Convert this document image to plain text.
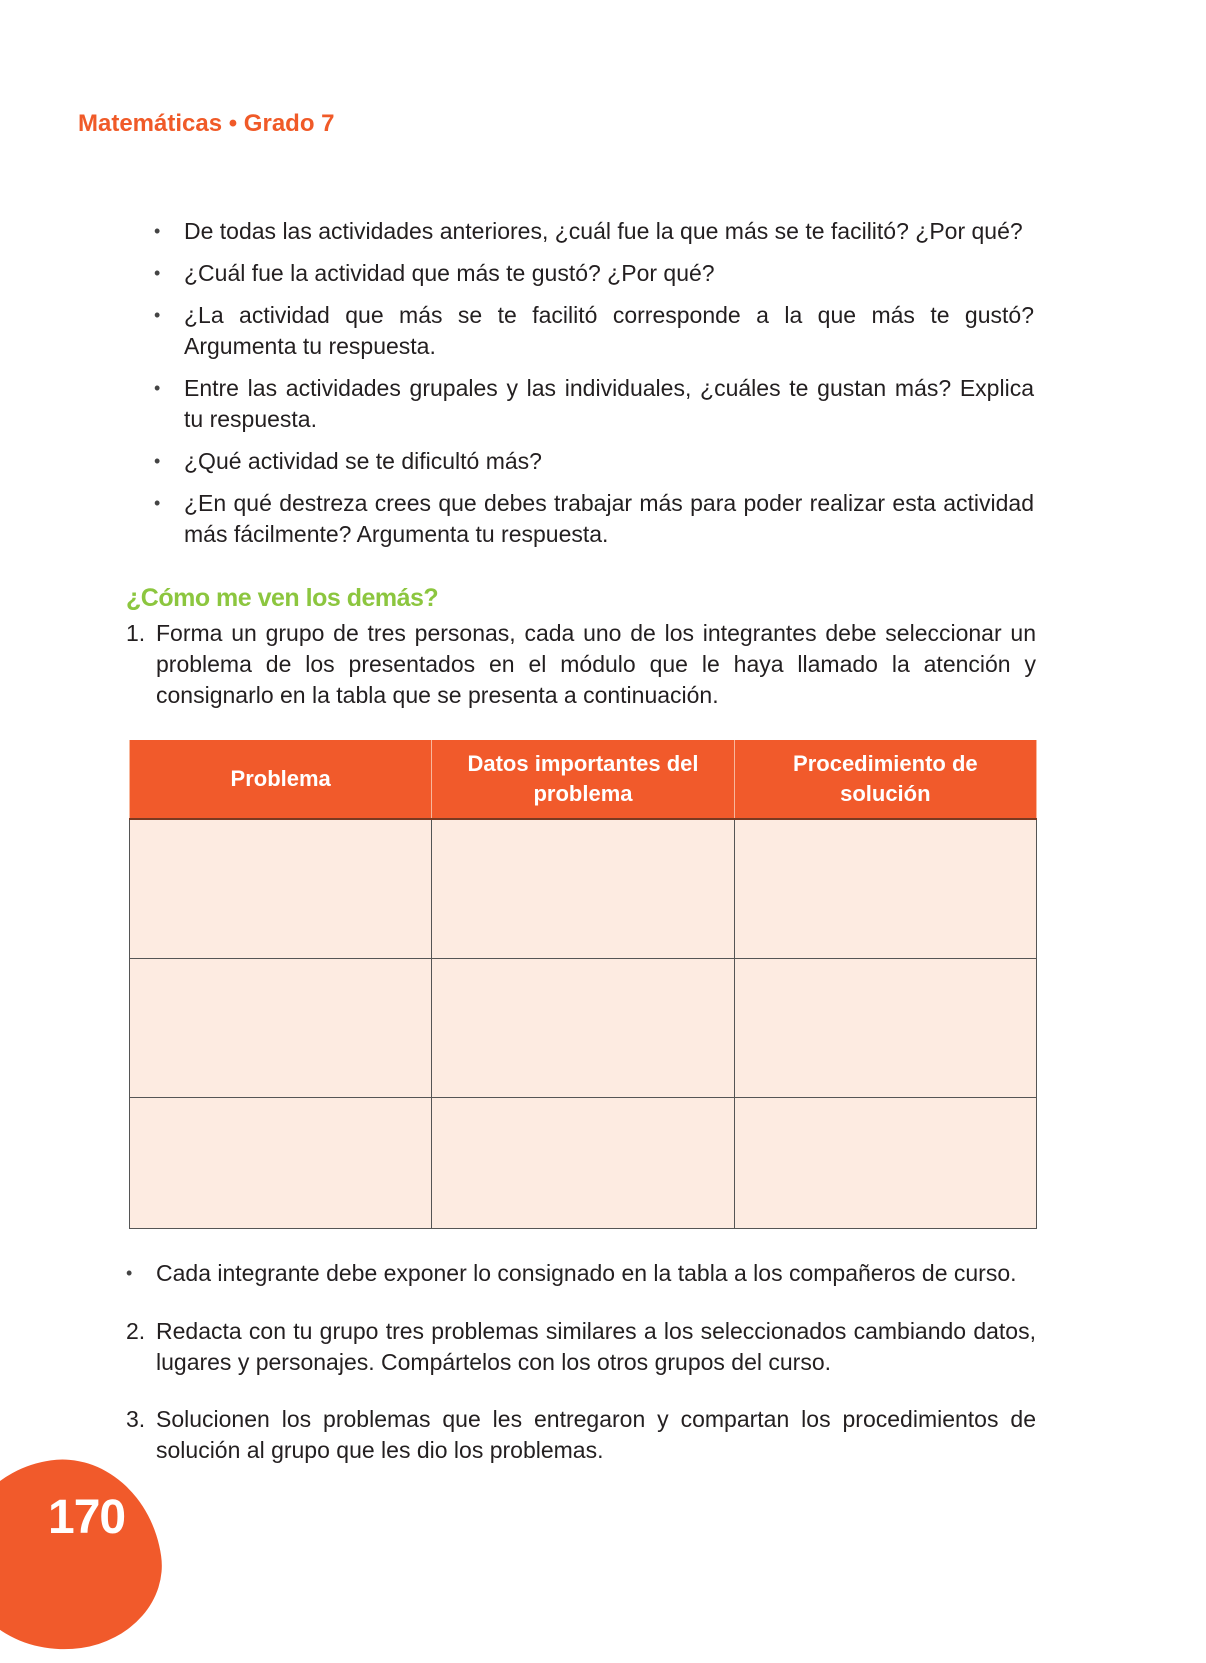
Matemáticas • Grado 7
• De todas las actividades anteriores, ¿cuál fue la que más se te facilitó? ¿Por qué?
• ¿Cuál fue la actividad que más te gustó? ¿Por qué?
• ¿La actividad que más se te facilitó corresponde a la que más te gustó? Argumenta tu respuesta.
• Entre las actividades grupales y las individuales, ¿cuáles te gustan más? Explica tu respuesta.
• ¿Qué actividad se te dificultó más?
• ¿En qué destreza crees que debes trabajar más para poder realizar esta actividad más fácilmente? Argumenta tu respuesta.
¿Cómo me ven los demás?
1. Forma un grupo de tres personas, cada uno de los integrantes debe seleccionar un problema de los presentados en el módulo que le haya llamado la atención y consignarlo en la tabla que se presenta a continuación.
Problema	Datos importantes del problema	Procedimiento de solución

•	Cada integrante debe exponer lo consignado en la tabla a los compañeros de curso.
2. Redacta con tu grupo tres problemas similares a los seleccionados cambiando datos, lugares y personajes. Compártelos con los otros grupos del curso.
3. Solucionen los problemas que les entregaron y compartan los procedimientos de solución al grupo que les dio los problemas.
170
